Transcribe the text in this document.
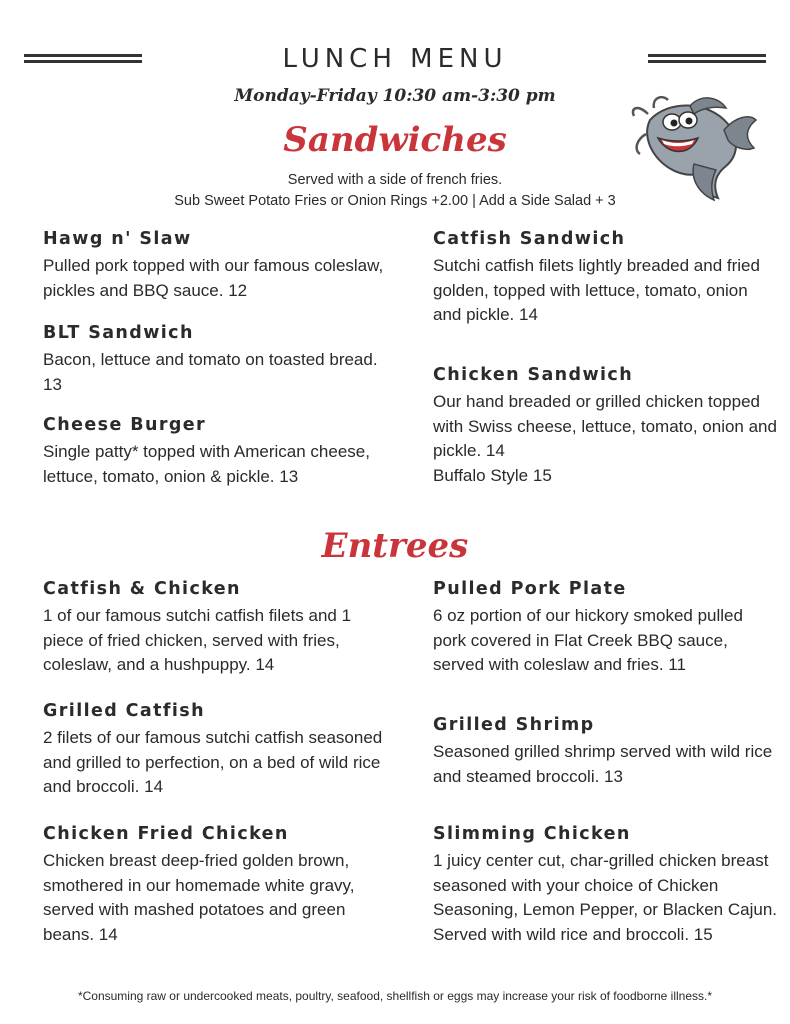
LUNCH MENU
Monday-Friday 10:30 am-3:30 pm
Sandwiches
Served with a side of french fries.
Sub Sweet Potato Fries or Onion Rings +2.00 | Add a Side Salad + 3
Hawg n' Slaw

Pulled pork topped with our famous coleslaw, pickles and BBQ sauce. 12

BLT Sandwich

Bacon, lettuce and tomato on toasted bread. 13

Cheese Burger

Single patty* topped with American cheese, lettuce, tomato, onion & pickle. 13

Catfish Sandwich

Sutchi catfish filets lightly breaded and fried golden, topped with lettuce, tomato, onion and pickle. 14

Chicken Sandwich

Our hand breaded or grilled chicken topped with Swiss cheese, lettuce, tomato, onion and pickle. 14

Buffalo Style 15

Entrees
Catfish & Chicken

1 of our famous sutchi catfish filets and 1 piece of fried chicken, served with fries, coleslaw, and a hushpuppy. 14

Grilled Catfish

2 filets of our famous sutchi catfish seasoned and grilled to perfection, on a bed of wild rice and broccoli. 14

Chicken Fried Chicken

Chicken breast deep-fried golden brown, smothered in our homemade white gravy, served with mashed potatoes and green beans. 14

Pulled Pork Plate

6 oz portion of our hickory smoked pulled pork covered in Flat Creek BBQ sauce, served with coleslaw and fries. 11

Grilled Shrimp

Seasoned grilled shrimp served with wild rice and steamed broccoli. 13

Slimming Chicken

1 juicy center cut, char-grilled chicken breast seasoned with your choice of Chicken Seasoning, Lemon Pepper, or Blacken Cajun. Served with wild rice and broccoli. 15

*Consuming raw or undercooked meats, poultry, seafood, shellfish or eggs may increase your risk of foodborne illness.*
